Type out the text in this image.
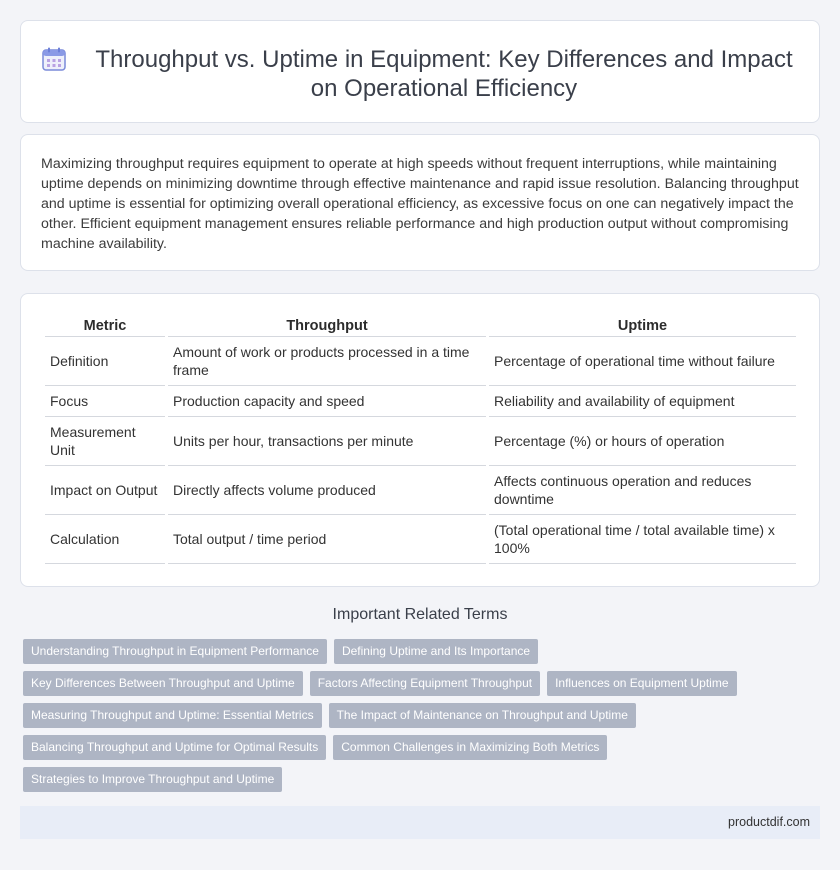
Throughput vs. Uptime in Equipment: Key Differences and Impact on Operational Efficiency

Maximizing throughput requires equipment to operate at high speeds without frequent interruptions, while maintaining uptime depends on minimizing downtime through effective maintenance and rapid issue resolution. Balancing throughput and uptime is essential for optimizing overall operational efficiency, as excessive focus on one can negatively impact the other. Efficient equipment management ensures reliable performance and high production output without compromising machine availability.

Metric	Throughput	Uptime
Definition	Amount of work or products processed in a time frame	Percentage of operational time without failure
Focus	Production capacity and speed	Reliability and availability of equipment
Measurement Unit	Units per hour, transactions per minute	Percentage (%) or hours of operation
Impact on Output	Directly affects volume produced	Affects continuous operation and reduces downtime
Calculation	Total output / time period	(Total operational time / total available time) x 100%
Important Related Terms
Understanding Throughput in Equipment Performance	Defining Uptime and Its Importance
Key Differences Between Throughput and Uptime	Factors Affecting Equipment Throughput	Influences on Equipment Uptime
Measuring Throughput and Uptime: Essential Metrics	The Impact of Maintenance on Throughput and Uptime
Balancing Throughput and Uptime for Optimal Results	Common Challenges in Maximizing Both Metrics
Strategies to Improve Throughput and Uptime
productdif.com
